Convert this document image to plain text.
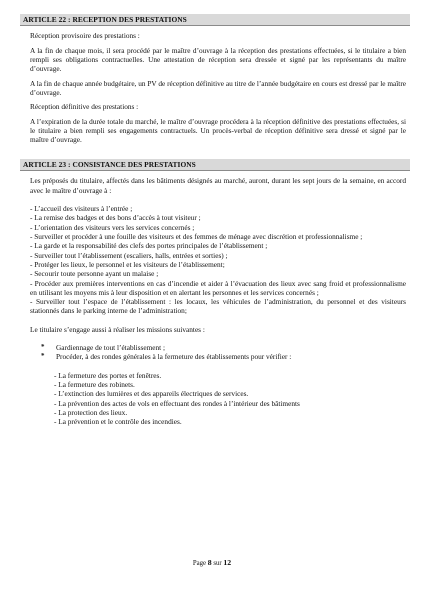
ARTICLE 22 : RECEPTION DES PRESTATIONS

Réception provisoire des prestations :

A la fin de chaque mois, il sera procédé par le maître d’ouvrage à la réception des prestations effectuées, si le titulaire a bien rempli ses obligations contractuelles. Une attestation de réception sera dressée et signé par les représentants du maître d’ouvrage.

A la fin de chaque année budgétaire, un PV de réception définitive au titre de l’année budgétaire en cours est dressé par le maître d’ouvrage.

Réception définitive des prestations :

A l’expiration de la durée totale du marché, le maître d’ouvrage procédera à la réception définitive des prestations effectuées, si le titulaire a bien rempli ses engagements contractuels. Un procès-verbal de réception définitive sera dressé et signé par le maître d’ouvrage.

ARTICLE 23 : CONSISTANCE DES PRESTATIONS

Les préposés du titulaire, affectés dans les bâtiments désignés au marché, auront, durant les sept jours de la semaine, en accord avec le maître d’ouvrage à :

- L’accueil des visiteurs à l’entrée ;
- La remise des badges et des bons d’accès à tout visiteur ;
- L’orientation des visiteurs vers les services concernés ;
- Surveiller et procéder à une fouille des visiteurs et des femmes de ménage avec discrétion et professionnalisme ;
- La garde et la responsabilité des clefs des portes principales de l’établissement ;
- Surveiller tout l’établissement (escaliers, halls, entrées et sorties) ;
- Protéger les lieux, le personnel et les visiteurs de l’établissement;
- Secourir toute personne ayant un malaise ;
- Procéder aux premières interventions en cas d’incendie et aider à l’évacuation des lieux avec sang froid et professionnalisme en utilisant les moyens mis à leur disposition et en alertant les personnes et les services concernés ;
- Surveiller tout l’espace de l’établissement : les locaux, les véhicules de l’administration, du personnel et des visiteurs stationnés dans le parking interne de l’administration;

Le titulaire s’engage aussi à réaliser les missions suivantes :

* Gardiennage de tout l’établissement ;
* Procéder, à des rondes générales à la fermeture des établissements pour vérifier :
- La fermeture des portes et fenêtres.
- La fermeture des robinets.
- L’extinction des lumières et des appareils électriques de services.
- La prévention des actes de vols en effectuant des rondes à l’intérieur des bâtiments
- La protection des lieux.
- La prévention et le contrôle des incendies.
Page 8 sur 12
